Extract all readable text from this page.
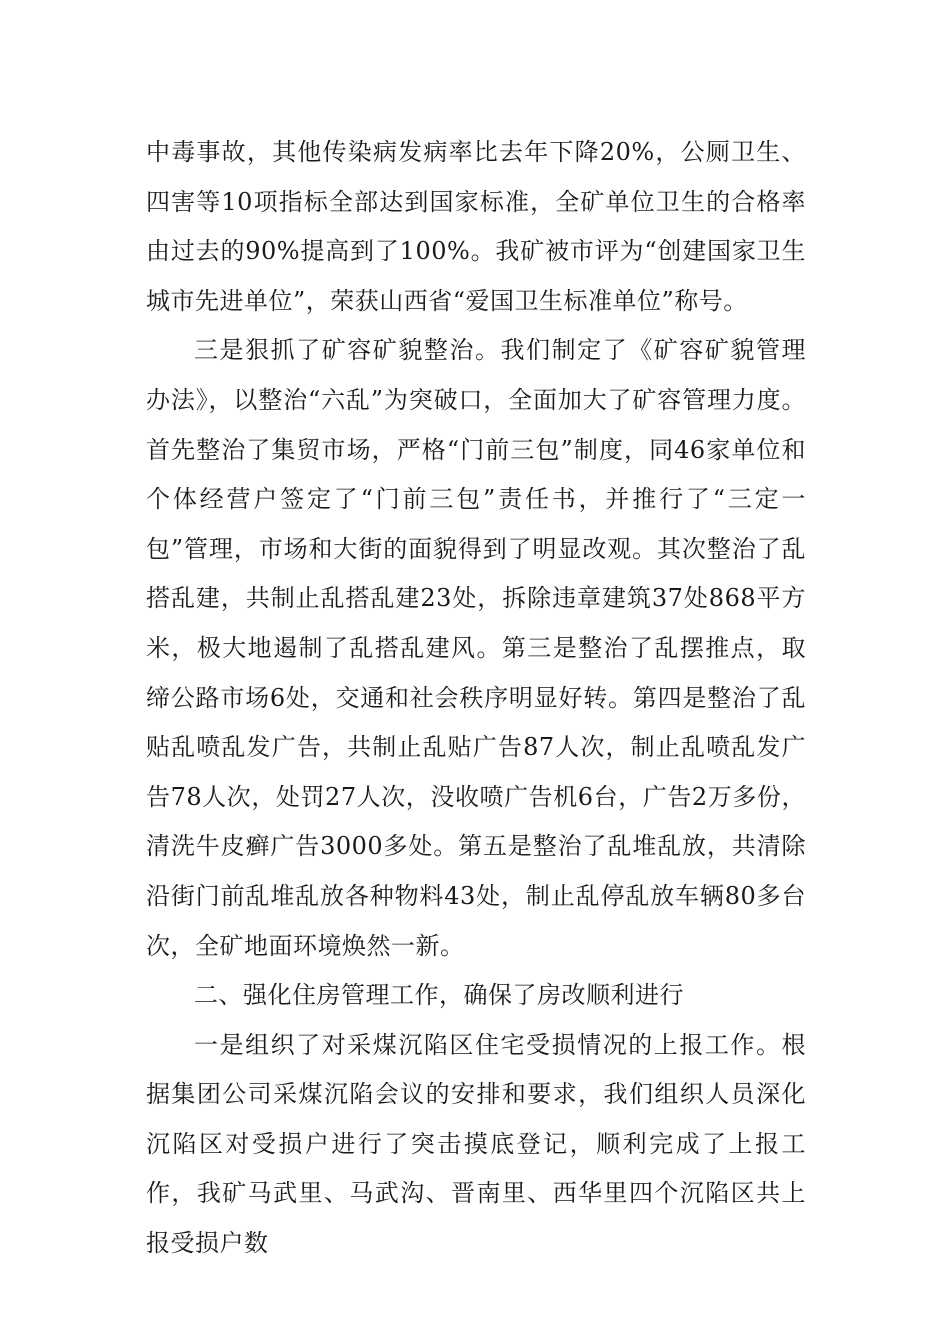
中毒事故，其他传染病发病率比去年下降20%，公厕卫生、四害等10项指标全部达到国家标准，全矿单位卫生的合格率由过去的90%提高到了100%。我矿被市评为“创建国家卫生城市先进单位”，荣获山西省“爱国卫生标准单位”称号。

三是狠抓了矿容矿貌整治。我们制定了《矿容矿貌管理办法》，以整治“六乱”为突破口，全面加大了矿容管理力度。首先整治了集贸市场，严格“门前三包”制度，同46家单位和个体经营户签定了“门前三包”责任书，并推行了“三定一包”管理，市场和大街的面貌得到了明显改观。其次整治了乱搭乱建，共制止乱搭乱建23处，拆除违章建筑37处868平方米，极大地遏制了乱搭乱建风。第三是整治了乱摆推点，取缔公路市场6处，交通和社会秩序明显好转。第四是整治了乱贴乱喷乱发广告，共制止乱贴广告87人次，制止乱喷乱发广告78人次，处罚27人次，没收喷广告机6台，广告2万多份，清洗牛皮癣广告3000多处。第五是整治了乱堆乱放，共清除沿街门前乱堆乱放各种物料43处，制止乱停乱放车辆80多台次，全矿地面环境焕然一新。

二、强化住房管理工作，确保了房改顺利进行

一是组织了对采煤沉陷区住宅受损情况的上报工作。根据集团公司采煤沉陷会议的安排和要求，我们组织人员深化沉陷区对受损户进行了突击摸底登记，顺利完成了上报工作，我矿马武里、马武沟、晋南里、西华里四个沉陷区共上报受损户数
